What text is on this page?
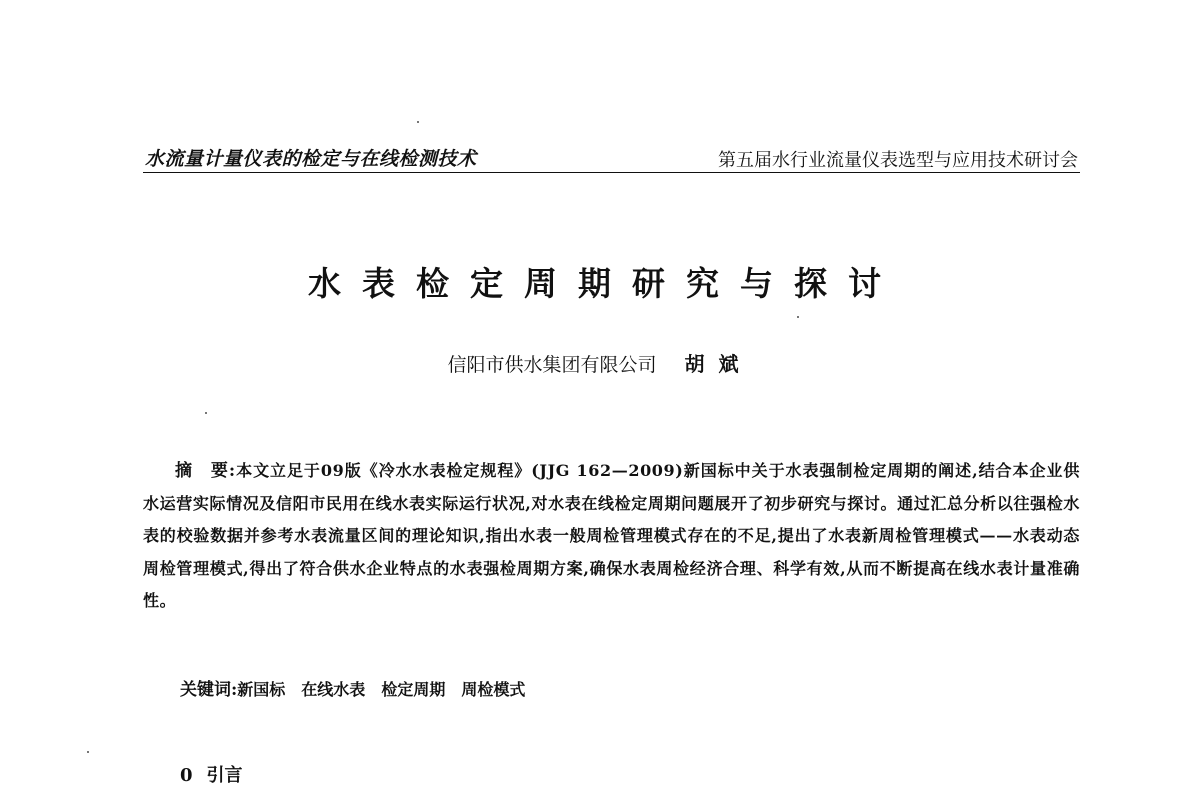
水流量计量仪表的检定与在线检测技术	第五届水行业流量仪表选型与应用技术研讨会
水表检定周期研究与探讨
信阳市供水集团有限公司 胡斌
摘　要:本文立足于09版《冷水水表检定规程》(JJG 162—2009)新国标中关于水表强制检定周期的阐述,结合本企业供水运营实际情况及信阳市民用在线水表实际运行状况,对水表在线检定周期问题展开了初步研究与探讨。通过汇总分析以往强检水表的校验数据并参考水表流量区间的理论知识,指出水表一般周检管理模式存在的不足,提出了水表新周检管理模式——水表动态周检管理模式,得出了符合供水企业特点的水表强检周期方案,确保水表周检经济合理、科学有效,从而不断提高在线水表计量准确性。
关键词:新国标 在线水表 检定周期 周检模式
0 引言
